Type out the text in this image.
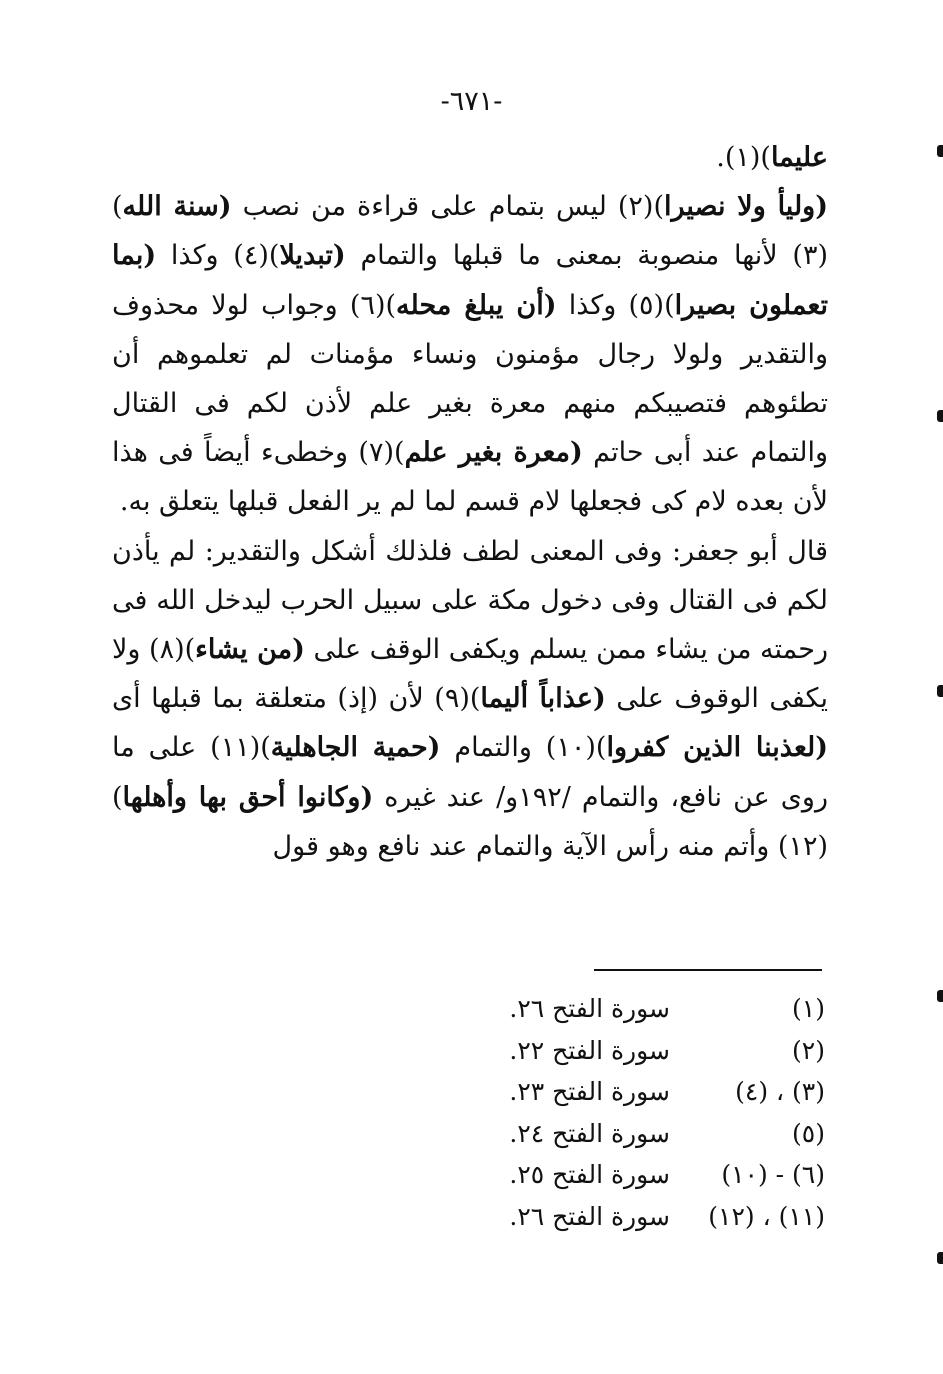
-٦٧١-

عليما)(١).

(وليأ ولا نصيرا)(٢) ليس بتمام على قراءة من نصب (سنة الله)(٣) لأنها منصوبة بمعنى ما قبلها والتمام (تبديلا)(٤) وكذا (بما تعملون بصيرا)(٥) وكذا (أن يبلغ محله)(٦) وجواب لولا محذوف والتقدير ولولا رجال مؤمنون ونساء مؤمنات لم تعلموهم أن تطئوهم فتصيبكم منهم معرة بغير علم لأذن لكم فى القتال والتمام عند أبى حاتم (معرة بغير علم)(٧) وخطىء أيضاً فى هذا لأن بعده لام كى فجعلها لام قسم لما لم ير الفعل قبلها يتعلق به.

قال أبو جعفر: وفى المعنى لطف فلذلك أشكل والتقدير: لم يأذن لكم فى القتال وفى دخول مكة على سبيل الحرب ليدخل الله فى رحمته من يشاء ممن يسلم ويكفى الوقف على (من يشاء)(٨) ولا يكفى الوقوف على (عذاباً أليما)(٩) لأن (إذ) متعلقة بما قبلها أى (لعذبنا الذين كفروا)(١٠) والتمام (حمية الجاهلية)(١١) على ما روى عن نافع، والتمام /١٩٢و/ عند غيره (وكانوا أحق بها وأهلها)(١٢) وأتم منه رأس الآية والتمام عند نافع وهو قول

(١)
سورة الفتح ٢٦.
(٢)
سورة الفتح ٢٢.
(٣) ، (٤)
سورة الفتح ٢٣.
(٥)
سورة الفتح ٢٤.
(٦) - (١٠)
سورة الفتح ٢٥.
(١١) ، (١٢)
سورة الفتح ٢٦.
